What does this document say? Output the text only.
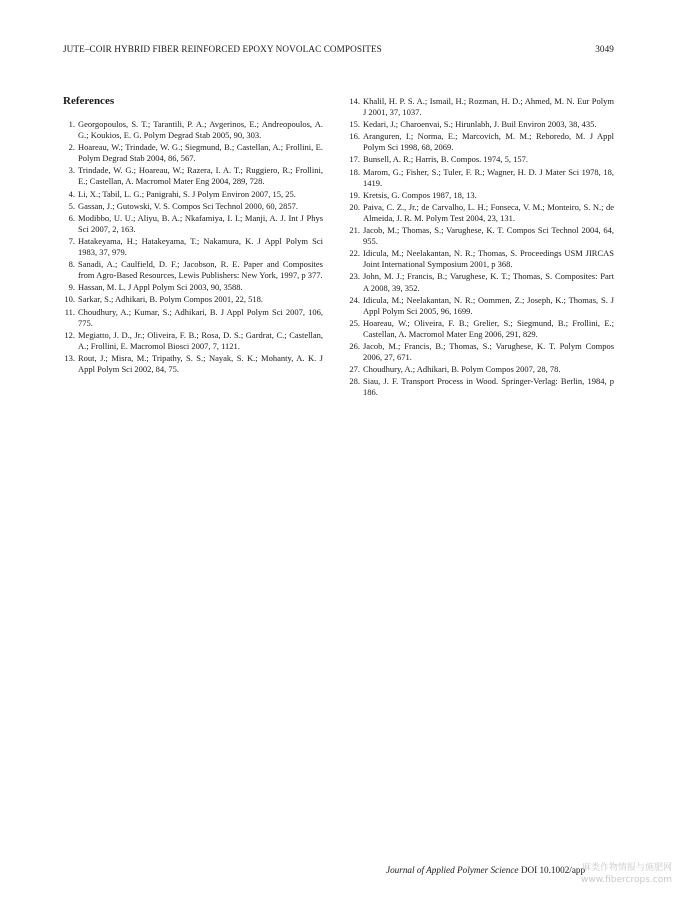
JUTE–COIR HYBRID FIBER REINFORCED EPOXY NOVOLAC COMPOSITES	3049
References
1. Georgopoulos, S. T.; Tarantili, P. A.; Avgerinos, E.; Andreopoulos, A. G.; Koukios, E. G. Polym Degrad Stab 2005, 90, 303.
2. Hoareau, W.; Trindade, W. G.; Siegmund, B.; Castellan, A.; Frollini, E. Polym Degrad Stab 2004, 86, 567.
3. Trindade, W. G.; Hoareau, W.; Razera, I. A. T.; Ruggiero, R.; Frollini, E.; Castellan, A. Macromol Mater Eng 2004, 289, 728.
4. Li, X.; Tabil, L. G.; Panigrahi, S. J Polym Environ 2007, 15, 25.
5. Gassan, J.; Gutowski, V. S. Compos Sci Technol 2000, 60, 2857.
6. Modibbo, U. U.; Aliyu, B. A.; Nkafamiya, I. I.; Manji, A. J. Int J Phys Sci 2007, 2, 163.
7. Hatakeyama, H.; Hatakeyama, T.; Nakamura, K. J Appl Polym Sci 1983, 37, 979.
8. Sanadi, A.; Caulfield, D. F.; Jacobson, R. E. Paper and Composites from Agro-Based Resources, Lewis Publishers: New York, 1997, p 377.
9. Hassan, M. L. J Appl Polym Sci 2003, 90, 3588.
10. Sarkar, S.; Adhikari, B. Polym Compos 2001, 22, 518.
11. Choudhury, A.; Kumar, S.; Adhikari, B. J Appl Polym Sci 2007, 106, 775.
12. Megiatto, J. D., Jr.; Oliveira, F. B.; Rosa, D. S.; Gardrat, C.; Castellan, A.; Frollini, E. Macromol Biosci 2007, 7, 1121.
13. Rout, J.; Misra, M.; Tripathy, S. S.; Nayak, S. K.; Mohanty, A. K. J Appl Polym Sci 2002, 84, 75.
14. Khalil, H. P. S. A.; Ismail, H.; Rozman, H. D.; Ahmed, M. N. Eur Polym J 2001, 37, 1037.
15. Kedari, J.; Charoenvai, S.; Hirunlabh, J. Buil Environ 2003, 38, 435.
16. Aranguren, I.; Norma, E.; Marcovich, M. M.; Reboredo, M. J Appl Polym Sci 1998, 68, 2069.
17. Bunsell, A. R.; Harris, B. Compos. 1974, 5, 157.
18. Marom, G.; Fisher, S.; Tuler, F. R.; Wagner, H. D. J Mater Sci 1978, 18, 1419.
19. Kretsis, G. Compos 1987, 18, 13.
20. Paiva, C. Z., Jr.; de Carvalho, L. H.; Fonseca, V. M.; Monteiro, S. N.; de Almeida, J. R. M. Polym Test 2004, 23, 131.
21. Jacob, M.; Thomas, S.; Varughese, K. T. Compos Sci Technol 2004, 64, 955.
22. Idicula, M.; Neelakantan, N. R.; Thomas, S. Proceedings USM JIRCAS Joint International Symposium 2001, p 368.
23. John, M. J.; Francis, B.; Varughese, K. T.; Thomas, S. Composites: Part A 2008, 39, 352.
24. Idicula, M.; Neelakantan, N. R.; Oommen, Z.; Joseph, K.; Thomas, S. J Appl Polym Sci 2005, 96, 1699.
25. Hoareau, W.; Oliveira, F. B.; Grelier, S.; Siegmund, B.; Frollini, E.; Castellan, A. Macromol Mater Eng 2006, 291, 829.
26. Jacob, M.; Francis, B.; Thomas, S.; Varughese, K. T. Polym Compos 2006, 27, 671.
27. Choudhury, A.; Adhikari, B. Polym Compos 2007, 28, 78.
28. Siau, J. F. Transport Process in Wood. Springer-Verlag: Berlin, 1984, p 186.
Journal of Applied Polymer Science DOI 10.1002/app
麻类作物情报与施肥网
www.fibercrops.com
